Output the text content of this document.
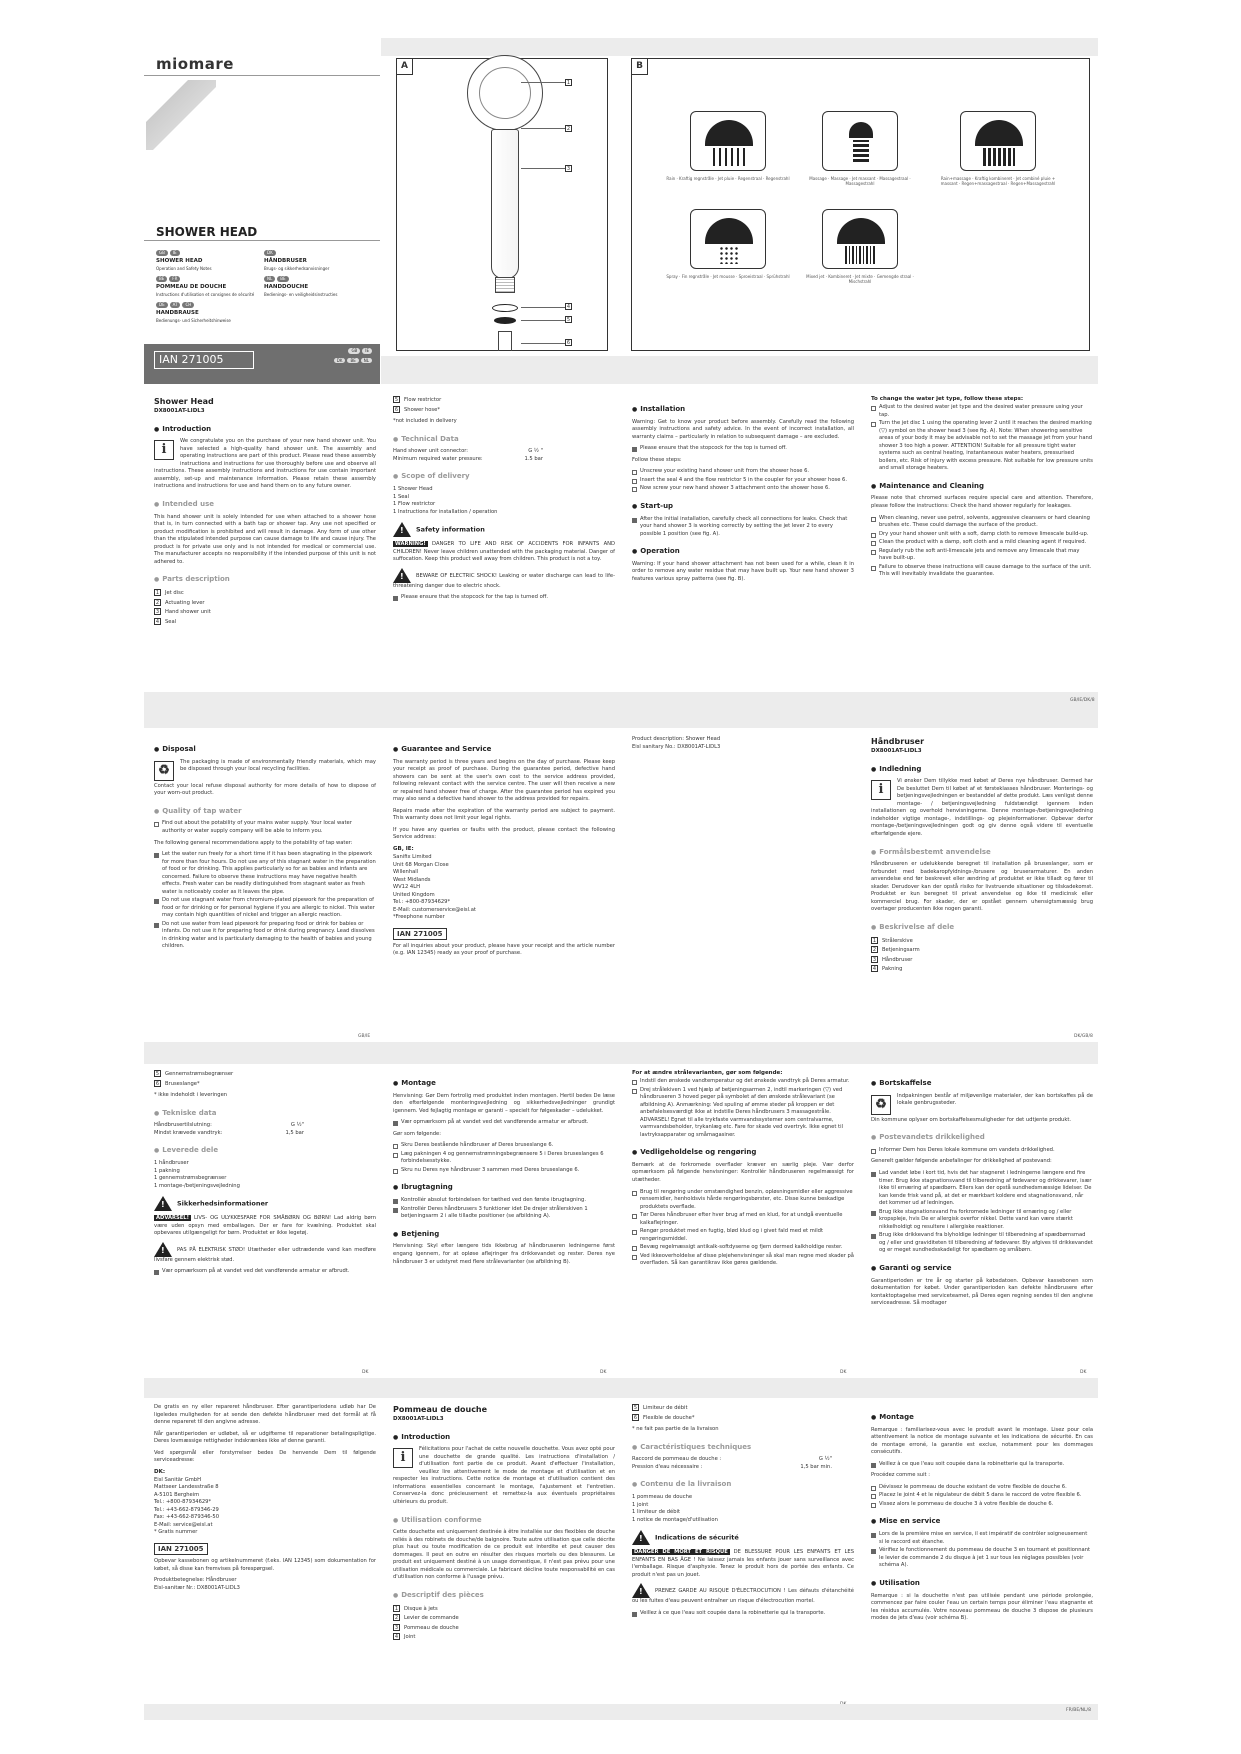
miomare
SHOWER HEAD
GB IE
SHOWER HEAD
Operation and Safety Notes
DK
HÅNDBRUSER
Brugs- og sikkerhedsanvisninger
BE FR
POMMEAU DE DOUCHE
Instructions d'utilisation et consignes de sécurité
NL BE
HANDDOUCHE
Bedienings- en veiligheidsinstructies
DE AT CH
HANDBRAUSE
Bedienungs- und Sicherheitshinweise
IAN 271005
GB IE
DK BE NL
A
1
2
3
4
5
6
B
Rain · Kraftig regnstråle · Jet pluie · Regenstraal · Regenstrahl	Massage · Massage · Jet massant · Massagestraal · Massagestrahl
Rain+massage · Kraftig kombineret · Jet combiné pluie + massant · Regen+massagestraal · Regen+Massagestrahl
Spray · Fin regnstråle · Jet mousse · Sproeistraal · Sprühstrahl	Mixed jet · Kombineret · Jet mixte · Gemengde straal · Mischstrahl
Shower Head
DX8001AT-LIDL3
● Introduction
i

We congratulate you on the purchase of your new hand shower unit. You have selected a high-quality hand shower unit. The assembly and operating instructions are part of this product. Please read these assembly instructions and instructions for use thoroughly before use and observe all instructions. These assembly instructions and instructions for use contain important assembly, set-up and maintenance information. Please retain these assembly instructions and instructions for use and hand them on to any future owner.

● Intended use

This hand shower unit is solely intended for use when attached to a shower hose that is, in turn connected with a bath tap or shower tap. Any use not specified or product modification is prohibited and will result in damage. Any form of use other than the stipulated intended purpose can cause damage to life and cause injury. The product is for private use only and is not intended for medical or commercial use. The manufacturer accepts no responsibility if the intended purpose of this unit is not adhered to.

● Parts description
1 Jet disc
2 Actuating lever
3 Hand shower unit
4 Seal
5 Flow restrictor
6 Shower hose*

*not included in delivery

● Technical Data
Hand shower unit connector:	G ½ "
Minimum required water pressure:	1.5 bar
● Scope of delivery
1 Shower Head
1 Seal
1 Flow restrictor
1 Instructions for installation / operation
!Safety information

WARNING! DANGER TO LIFE AND RISK OF ACCIDENTS FOR INFANTS AND CHILDREN! Never leave children unattended with the packaging material. Danger of suffocation. Keep this product well away from children. This product is not a toy.

!BEWARE OF ELECTRIC SHOCK! Leaking or water discharge can lead to life-threatening danger due to electric shock.

Please ensure that the stopcock for the tap is turned off.
● Installation

Warning: Get to know your product before assembly. Carefully read the following assembly instructions and safety advice. In the event of incorrect installation, all warranty claims – particularly in relation to subsequent damage – are excluded.

Please ensure that the stopcock for the top is turned off.

Follow these steps:

Unscrew your existing hand shower unit from the shower hose 6.
Insert the seal 4 and the flow restrictor 5 in the coupler for your shower hose 6.
Now screw your new hand shower 3 attachment onto the shower hose 6.
● Start-up
After the initial installation, carefully check all connections for leaks. Check that your hand shower 3 is working correctly by setting the jet lever 2 to every possible 1 position (see fig. A).
● Operation

Warning: If your hand shower attachment has not been used for a while, clean it in order to remove any water residue that may have built up. Your new hand shower 3 features various spray patterns (see fig. B).

To change the water jet type, follow these steps:
Adjust to the desired water jet type and the desired water pressure using your tap.
Turn the jet disc 1 using the operating lever 2 until it reaches the desired marking (▽) symbol on the shower head 3 (see fig. A). Note: When showering sensitive areas of your body it may be advisable not to set the massage jet from your hand shower 3 too high a power. ATTENTION! Suitable for all pressure tight water systems such as central heating, instantaneous water heaters, pressurised boilers, etc. Risk of injury with excess pressure. Not suitable for low pressure units and small storage heaters.
● Maintenance and Cleaning

Please note that chromed surfaces require special care and attention. Therefore, please follow the instructions: Check the hand shower regularly for leakages.

When cleaning, never use petrol, solvents, aggressive cleansers or hard cleaning brushes etc. These could damage the surface of the product.
Dry your hand shower unit with a soft, damp cloth to remove limescale build-up.
Clean the product with a damp, soft cloth and a mild cleaning agent if required.
Regularly rub the soft anti-limescale jets and remove any limescale that may have built-up.
Failure to observe these instructions will cause damage to the surface of the unit. This will inevitably invalidate the guarantee.
GB/IE/DK/8
● Disposal
♻

The packaging is made of environmentally friendly materials, which may be disposed through your local recycling facilities.

Contact your local refuse disposal authority for more details of how to dispose of your worn-out product.

● Quality of tap water
Find out about the potability of your mains water supply. Your local water authority or water supply company will be able to inform you.

The following general recommendations apply to the potability of tap water:

Let the water run freely for a short time if it has been stagnating in the pipework for more than four hours. Do not use any of this stagnant water in the preparation of food or for drinking. This applies particularly so for as babies and infants are concerned. Failure to observe these instructions may have negative health effects. Fresh water can be readily distinguished from stagnant water as fresh water is noticeably cooler as it leaves the pipe.
Do not use stagnant water from chromium-plated pipework for the preparation of food or for drinking or for personal hygiene if you are allergic to nickel. This water may contain high quantities of nickel and trigger an allergic reaction.
Do not use water from lead pipework for preparing food or drink for babies or infants. Do not use it for preparing food or drink during pregnancy. Lead dissolves in drinking water and is particularly damaging to the health of babies and young children.
GB/IE
● Guarantee and Service

The warranty period is three years and begins on the day of purchase. Please keep your receipt as proof of purchase. During the guarantee period, defective hand showers can be sent at the user's own cost to the service address provided, following relevant contact with the service centre. The user will then receive a new or repaired hand shower free of charge. After the guarantee period has expired you may also send a defective hand shower to the address provided for repairs.

Repairs made after the expiration of the warranty period are subject to payment. This warranty does not limit your legal rights.

If you have any queries or faults with the product, please contact the following Service address:

GB, IE:
Sanifix Limited
Unit 68 Morgan Close
Willenhall
West Midlands
WV12 4LH
United Kingdom
Tel.: +800-87934629*
E-Mail: customerservice@eisl.at
*Freephone number
IAN 271005

For all inquiries about your product, please have your receipt and the article number (e.g. IAN 12345) ready as your proof of purchase.

Product description: Shower Head
Eisl sanitary No.: DX8001AT-LIDL3
Håndbruser
DX8001AT-LIDL3
● Indledning
i

Vi ønsker Dem tillykke med købet af Deres nye håndbruser. Dermed har De besluttet Dem til købet af et førsteklasses håndbruser. Monterings- og betjeningsvejledningen er bestanddel af dette produkt. Læs venligst denne montage- / betjeningsvejledning fuldstændigt igennem inden installationen og overhold henvisningerne. Denne montage-/betjeningsvejledning indeholder vigtige montage-, indstillings- og plejeinformationer. Opbevar derfor montage-/betjeningsvejledningen godt og giv denne også videre til eventuelle efterfølgende ejere.

● Formålsbestemt anvendelse

Håndbruseren er udelukkende beregnet til installation på bruseslanger, som er forbundet med badekaropfyldnings-/brusere og bruserarmaturer. En anden anvendelse end før beskrevet eller ændring af produktet er ikke tilladt og fører til skader. Derudover kan der opstå risiko for livstruende situationer og tilskadekomst. Produktet er kun beregnet til privat anvendelse og ikke til medicinsk eller kommerciel brug. For skader, der er opstået gennem uhensigtsmæssig brug overtager producenten ikke nogen garanti.

● Beskrivelse af dele
1 Strålerskive
2 Betjeningsarm
3 Håndbruser
4 Pakning
DK/GB/8
5 Gennemstrømsbegrænser
6 Bruseslange*

* ikke indeholdt i leveringen

● Tekniske data
Håndbrusertilslutning:	G ½"
Mindst krævede vandtryk:	1,5 bar
● Leverede dele
1 håndbruser
1 pakning
1 gennemstrømsbegrænser
1 montage-/betjeningsvejledning
!Sikkerhedsinformationer

ADVARSEL! LIVS- OG ULYKKESFARE FOR SMÅBØRN OG BØRN! Lad aldrig børn være uden opsyn med emballagen. Der er fare for kvælning. Produktet skal opbevares utilgængeligt for børn. Produktet er ikke legetøj.

!PAS PÅ ELEKTRISK STØD! Utætheder eller udtrædende vand kan medføre livsfare gennem elektrisk stød.

Vær opmærksom på at vandet ved det vandførende armatur er afbrudt.
DK
● Montage

Henvisning: Gør Dem fortrolig med produktet inden montagen. Hertil bedes De læse den efterfølgende monteringsvejledning og sikkerhedsvejledninger grundigt igennem. Ved fejlagtig montage er garanti – specielt for følgeskader – udelukket.

Vær opmærksom på at vandet ved det vandførende armatur er afbrudt.

Gør som følgende:

Skru Deres bestående håndbruser af Deres bruseslange 6.
Læg pakningen 4 og gennemstrømningsbegrænsere 5 i Deres bruseslanges 6 forbindelsesstykke.
Skru nu Deres nye håndbruser 3 sammen med Deres bruseslange 6.
● Ibrugtagning
Kontrollér absolut forbindelsen for tæthed ved den første ibrugtagning.
Kontrollér Deres håndbrusers 3 funktioner idet De drejer strålerskiven 1 betjeningsarm 2 i alle tilladte positioner (se afbildning A).
● Betjening

Henvisning: Skyl efter længere tids ikkebrug af håndbruseren ledningerne først engang igennem, for at opløse aflejringer fra drikkevandet og rester. Deres nye håndbruser 3 er udstyret med flere strålevarianter (se afbildning B).

DK
For at ændre strålevarianten, gør som følgende:
Indstil den ønskede vandtemperatur og det ønskede vandtryk på Deres armatur.
Drej strålekiven 1 ved hjælp af betjeningsarmen 2, indtil markeringen (▽) ved håndbruseren 3 hoved peger på symbolet af den ønskede strålevariant (se afbildning A). Anmærkning: Ved spuling af ømme steder på kroppen er det anbefalelsesværdigt ikke at indstille Deres håndbrusers 3 massagestråle. ADVARSEL! Egnet til alle trykfaste varmvandssystemer som centralvarme, varmvandsbeholder, trykanlæg etc. Fare for skade ved overtryk. Ikke egnet til lavtryksapparater og småmagasiner.
● Vedligeholdelse og rengøring

Bemærk at de forkromede overflader kræver en særlig pleje. Vær derfor opmærksom på følgende henvisninger: Kontrollér håndbruseren regelmæssigt for utætheder.

Brug til rengøring under omstændighed benzin, opløsningsmidler eller aggressive rensemidler, henholdsvis hårde rengøringsbørster, etc. Disse kunne beskadige produktets overflade.
Tør Deres håndbruser efter hver brug af med en klud, for at undgå eventuelle kalkaflejringer.
Rengør produktet med en fugtig, blød klud og i givet fald med et mildt rengøringsmiddel.
Bevæg regelmæssigt antikalk-softdyserne og fjern dermed kalkholdige rester.
Ved ikkeoverholdelse af disse plejehenvisninger så skal man regne med skader på overfladen. Så kan garantikrav ikke gøres gældende.
DK
● Bortskaffelse
♻

Indpakningen består af miljøvenlige materialer, der kan bortskaffes på de lokale genbrugssteder.

Din kommune oplyser om bortskaffelsesmuligheder for det udtjente produkt.

● Postevandets drikkelighed
Informer Dem hos Deres lokale kommune om vandets drikkelighed.

Generelt gælder følgende anbefalinger for drikkelighed af postevand:

Lad vandet løbe i kort tid, hvis det har stagneret i ledningerne længere end fire timer. Brug ikke stagnationsvand til tilberedning af fødevarer og drikkevarer, især ikke til ernæring af spædbørn. Ellers kan der opstå sundhedsmæssige lidelser. De kan kende frisk vand på, at det er mærkbart koldere end stagnationsvand, når det kommer ud af ledningen.
Brug ikke stagnationsvand fra forkromede ledninger til ernæring og / eller kropspleje, hvis De er allergisk overfor nikkel. Dette vand kan være stærkt nikkelholdigt og resultere i allergiske reaktioner.
Brug ikke drikkevand fra blyholdige ledninger til tilberedning af spædbørnsmad og / eller und graviditeten til tilberedning af fødevarer. Bly afgives til drikkevandet og er meget sundhedsskadeligt for spædbørn og småbørn.
● Garanti og service

Garantiperioden er tre år og starter på købsdatoen. Opbevar kassebonen som dokumentation for købet. Under garantiperioden kan defekte håndbrusere efter kontaktoptagelse med serviceteamet, på Deres egen regning sendes til den angivne serviceadresse. Så modtager

DK

De gratis en ny eller repareret håndbruser. Efter garantiperiodens udløb har De ligeledes muligheden for at sende den defekte håndbruser med det formål at få denne repareret til den angivne adresse.

Når garantiperioden er udløbet, så er udgifterne til reparationer betalingspligtige. Deres lovmæssige rettigheder indskrænkes ikke af denne garanti.

Ved spørgsmål eller forstyrrelser bedes De henvende Dem til følgende serviceadresse:

DK:
Eisl Sanitär GmbH
Mattseer Landesstraße 8
A-5101 Bergheim
Tel.: +800-87934629*
Tel.: +43-662-879346-29
Fax: +43-662-879346-50
E-Mail: service@eisl.at
* Gratis nummer
IAN 271005

Opbevar kassebonen og artikelnummeret (f.eks. IAN 12345) som dokumentation for købet, så disse kan fremvises på forespørgsel.

Produktbetegnelse: Håndbruser
Eisl-sanitær Nr.: DX8001AT-LIDL3
Pommeau de douche
DX8001AT-LIDL3
● Introduction
i

Félicitations pour l'achat de cette nouvelle douchette. Vous avez opté pour une douchette de grande qualité. Les instructions d'installation / d'utilisation font partie de ce produit. Avant d'effectuer l'installation, veuillez lire attentivement le mode de montage et d'utilisation et en respecter les instructions. Cette notice de montage et d'utilisation contient des informations essentielles concernant le montage, l'ajustement et l'entretien. Conservez-la donc précieusement et remettez-la aux éventuels propriétaires ultérieurs du produit.

● Utilisation conforme

Cette douchette est uniquement destinée à être installée sur des flexibles de douche reliés à des robinets de douche/de baignoire. Toute autre utilisation que celle décrite plus haut ou toute modification de ce produit est interdite et peut causer des dommages. Il peut en outre en résulter des risques mortels ou des blessures. Le produit est uniquement destiné à un usage domestique, il n'est pas prévu pour une utilisation médicale ou commerciale. Le fabricant décline toute responsabilité en cas d'utilisation non conforme à l'usage prévu.

● Descriptif des pièces
1 Disque à jets
2 Levier de commande
3 Pommeau de douche
4 Joint
5 Limiteur de débit
6 Flexible de douche*

* ne fait pas partie de la livraison

● Caractéristiques techniques
Raccord de pommeau de douche :	G ½"
Pression d'eau nécessaire :	1,5 bar min.
● Contenu de la livraison
1 pommeau de douche
1 joint
1 limiteur de débit
1 notice de montage/d'utilisation
!Indications de sécurité

DANGER DE MORT ET RISQUE DE BLESSURE POUR LES ENFANTS ET LES ENFANTS EN BAS ÂGE ! Ne laissez jamais les enfants jouer sans surveillance avec l'emballage. Risque d'asphyxie. Tenez le produit hors de portée des enfants. Ce produit n'est pas un jouet.

!PRENEZ GARDE AU RISQUE D'ÉLECTROCUTION ! Les défauts d'étanchéité ou les fuites d'eau peuvent entraîner un risque d'électrocution mortel.

Veillez à ce que l'eau soit coupée dans la robinetterie qui la transporte.
● Montage

Remarque : familiarisez-vous avec le produit avant le montage. Lisez pour cela attentivement la notice de montage suivante et les indications de sécurité. En cas de montage erroné, la garantie est exclue, notamment pour les dommages consécutifs.

Veillez à ce que l'eau soit coupée dans la robinetterie qui la transporte.

Procédez comme suit :

Dévissez le pommeau de douche existant de votre flexible de douche 6.
Placez le joint 4 et le régulateur de débit 5 dans le raccord de votre flexible 6.
Vissez alors le pommeau de douche 3 à votre flexible de douche 6.
● Mise en service
Lors de la première mise en service, il est impératif de contrôler soigneusement si le raccord est étanche.
Vérifiez le fonctionnement du pommeau de douche 3 en tournant et positionnant le levier de commande 2 du disque à jet 1 sur tous les réglages possibles (voir schéma A).
● Utilisation

Remarque : si la douchette n'est pas utilisée pendant une période prolongée, commencez par faire couler l'eau un certain temps pour éliminer l'eau stagnante et les résidus accumulés. Votre nouveau pommeau de douche 3 dispose de plusieurs modes de jets d'eau (voir schéma B).

FR/BE/NL/8
